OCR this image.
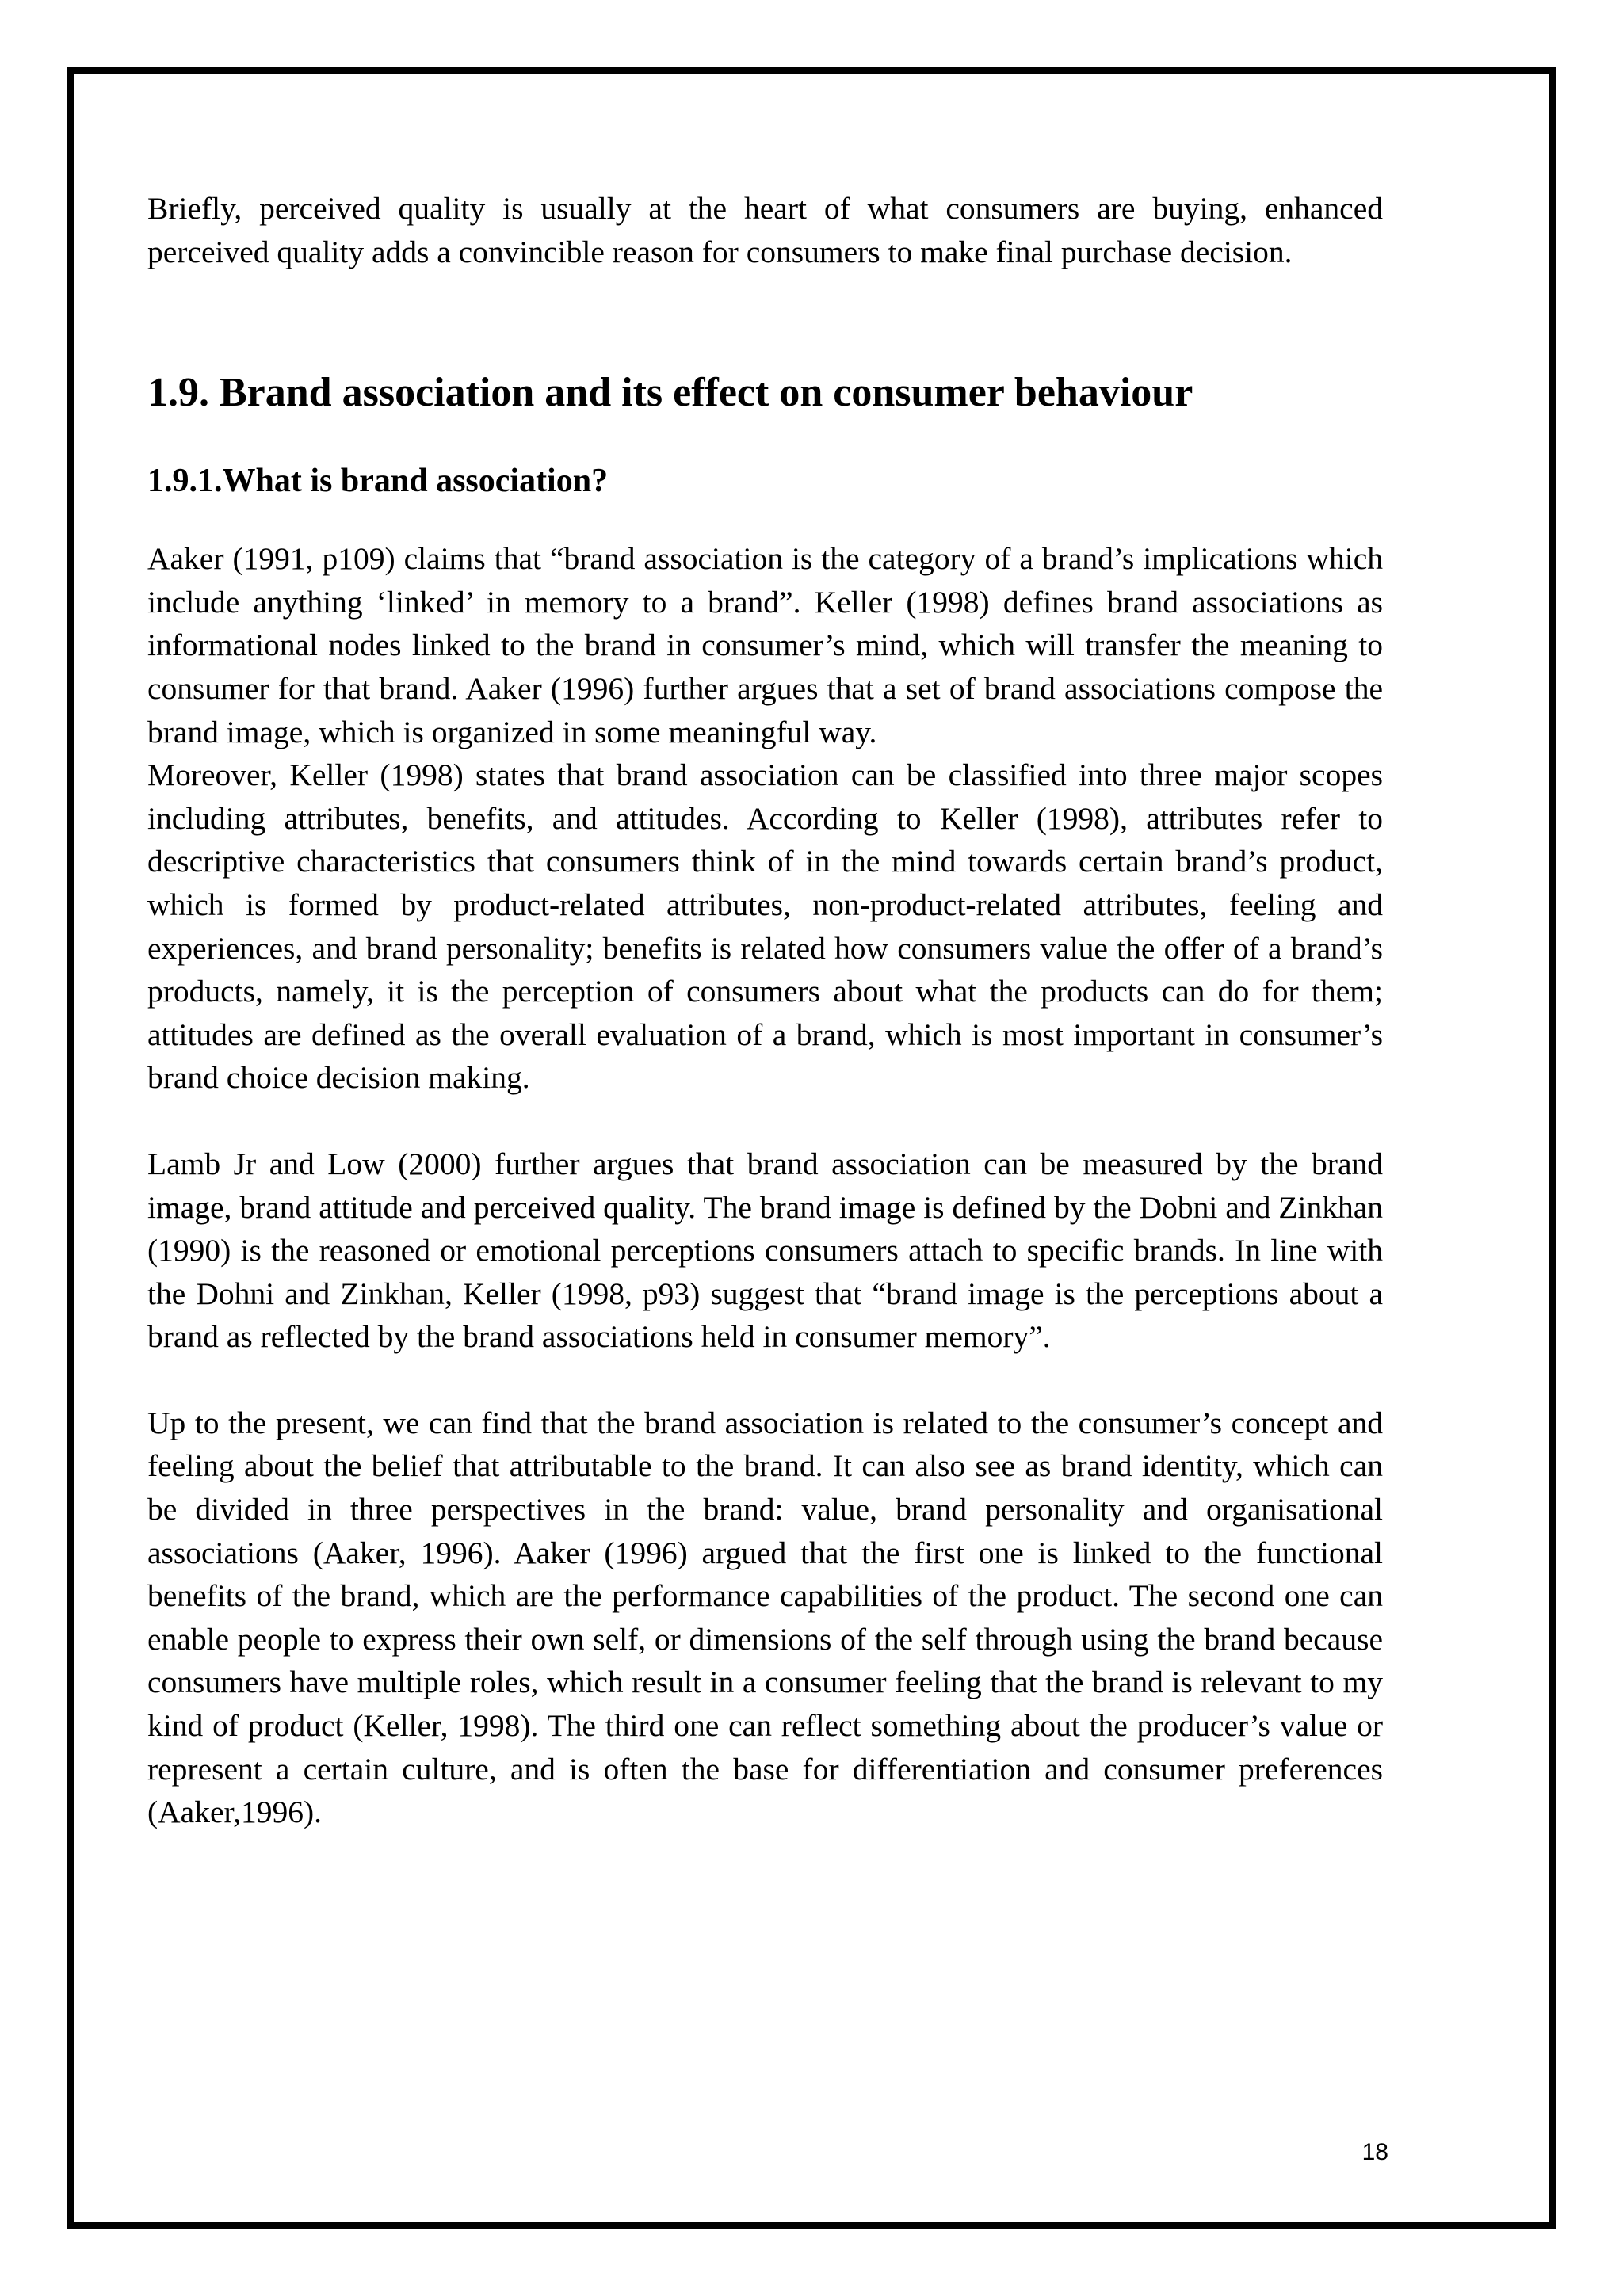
Briefly, perceived quality is usually at the heart of what consumers are buying, enhanced perceived quality adds a convincible reason for consumers to make final purchase decision.

1.9. Brand association and its effect on consumer behaviour
1.9.1.What is brand association?

Aaker (1991, p109) claims that “brand association is the category of a brand’s implications which include anything ‘linked’ in memory to a brand”. Keller (1998) defines brand associations as informational nodes linked to the brand in consumer’s mind, which will transfer the meaning to consumer for that brand. Aaker (1996) further argues that a set of brand associations compose the brand image, which is organized in some meaningful way.

Moreover, Keller (1998) states that brand association can be classified into three major scopes including attributes, benefits, and attitudes. According to Keller (1998), attributes refer to descriptive characteristics that consumers think of in the mind towards certain brand’s product, which is formed by product-related attributes, non-product-related attributes, feeling and experiences, and brand personality; benefits is related how consumers value the offer of a brand’s products, namely, it is the perception of consumers about what the products can do for them; attitudes are defined as the overall evaluation of a brand, which is most important in consumer’s brand choice decision making.

Lamb Jr and Low (2000) further argues that brand association can be measured by the brand image, brand attitude and perceived quality. The brand image is defined by the Dobni and Zinkhan (1990) is the reasoned or emotional perceptions consumers attach to specific brands. In line with the Dohni and Zinkhan, Keller (1998, p93) suggest that “brand image is the perceptions about a brand as reflected by the brand associations held in consumer memory”.

Up to the present, we can find that the brand association is related to the consumer’s concept and feeling about the belief that attributable to the brand. It can also see as brand identity, which can be divided in three perspectives in the brand: value, brand personality and organisational associations (Aaker, 1996). Aaker (1996) argued that the first one is linked to the functional benefits of the brand, which are the performance capabilities of the product. The second one can enable people to express their own self, or dimensions of the self through using the brand because consumers have multiple roles, which result in a consumer feeling that the brand is relevant to my kind of product (Keller, 1998). The third one can reflect something about the producer’s value or represent a certain culture, and is often the base for differentiation and consumer preferences (Aaker,1996).

18
